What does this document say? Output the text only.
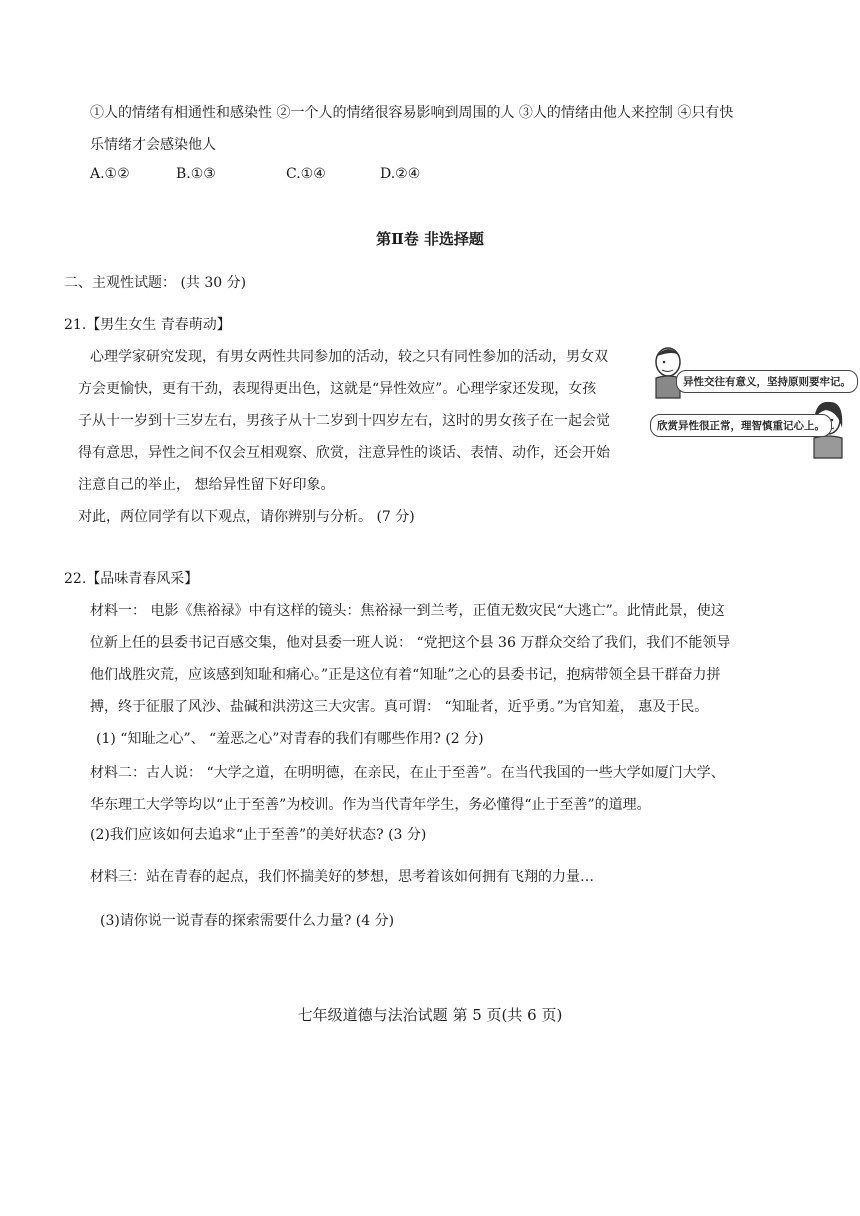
①人的情绪有相通性和感染性 ②一个人的情绪很容易影响到周围的人 ③人的情绪由他人来控制 ④只有快
乐情绪才会感染他人
A.①②	B.①③	C.①④	D.②④
第Ⅱ卷 非选择题
二、主观性试题： (共 30 分)
21.【男生女生 青春萌动】
心理学家研究发现，有男女两性共同参加的活动，较之只有同性参加的活动，男女双
方会更愉快，更有干劲，表现得更出色，这就是“异性效应”。心理学家还发现，女孩
子从十一岁到十三岁左右，男孩子从十二岁到十四岁左右，这时的男女孩子在一起会觉
得有意思，异性之间不仅会互相观察、欣赏，注意异性的谈话、表情、动作，还会开始
注意自己的举止， 想给异性留下好印象。
对此，两位同学有以下观点，请你辨别与分析。 (7 分)
异性交往有意义，坚持原则要牢记。
欣赏异性很正常，理智慎重记心上。
22.【品味青春风采】
材料一： 电影《焦裕禄》中有这样的镜头：焦裕禄一到兰考，正值无数灾民“大逃亡”。此情此景，使这
位新上任的县委书记百感交集，他对县委一班人说： “党把这个县 36 万群众交给了我们，我们不能领导
他们战胜灾荒，应该感到知耻和痛心。”正是这位有着“知耻”之心的县委书记，抱病带领全县干群奋力拼
搏，终于征服了风沙、盐碱和洪涝这三大灾害。真可谓： “知耻者，近乎勇。”为官知羞， 惠及于民。
(1) “知耻之心”、 “羞恶之心”对青春的我们有哪些作用? (2 分)
材料二：古人说： “大学之道，在明明德，在亲民，在止于至善”。在当代我国的一些大学如厦门大学、
华东理工大学等均以“止于至善”为校训。作为当代青年学生，务必懂得“止于至善”的道理。
(2)我们应该如何去追求“止于至善”的美好状态? (3 分)
材料三：站在青春的起点，我们怀揣美好的梦想，思考着该如何拥有飞翔的力量…
(3)请你说一说青春的探索需要什么力量? (4 分)
七年级道德与法治试题 第 5 页(共 6 页)
